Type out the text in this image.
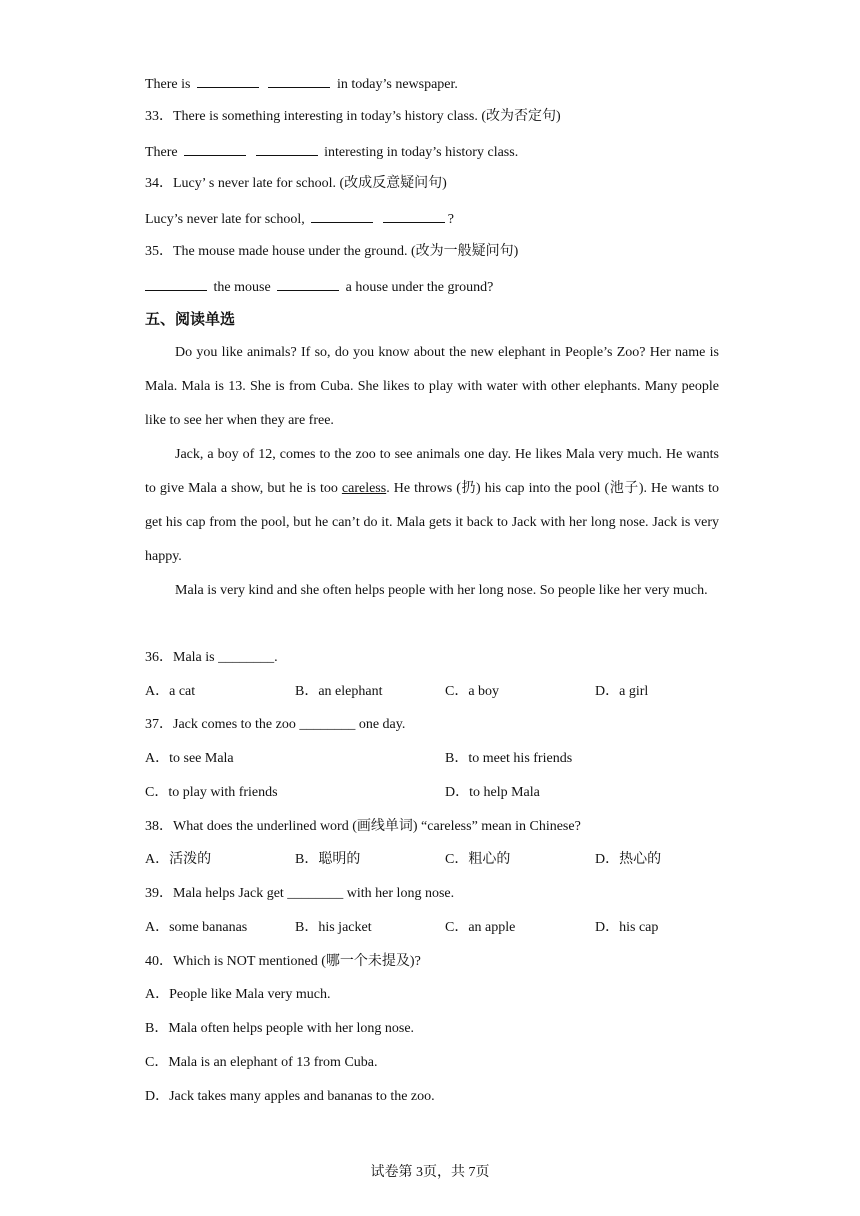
There is	in today’s newspaper.
33．There is something interesting in today’s history class. (改为否定句)
There	interesting in today’s history class.
34．Lucy’ s never late for school. (改成反意疑问句)
Lucy’s never late for school,	?
35．The mouse made house under the ground. (改为一般疑问句)
the mouse	a house under the ground?
五、阅读单选

Do you like animals? If so, do you know about the new elephant in People’s Zoo? Her name is Mala. Mala is 13. She is from Cuba. She likes to play with water with other elephants. Many people like to see her when they are free.

Jack, a boy of 12, comes to the zoo to see animals one day. He likes Mala very much. He wants to give Mala a show, but he is too careless. He throws (扔) his cap into the pool (池子). He wants to get his cap from the pool, but he can’t do it. Mala gets it back to Jack with her long nose. Jack is very happy.

Mala is very kind and she often helps people with her long nose. So people like her very much.

36．Mala is ________.
A．a cat	B．an elephant	C．a boy	D．a girl
37．Jack comes to the zoo ________ one day.
A．to see Mala	B．to meet his friends
C．to play with friends	D．to help Mala
38．What does the underlined word (画线单词) “careless” mean in Chinese?
A．活泼的	B．聪明的	C．粗心的	D．热心的
39．Mala helps Jack get ________ with her long nose.
A．some bananas	B．his jacket	C．an apple	D．his cap
40．Which is NOT mentioned (哪一个未提及)?
A．People like Mala very much.
B．Mala often helps people with her long nose.
C．Mala is an elephant of 13 from Cuba.
D．Jack takes many apples and bananas to the zoo.
试卷第 3页，共 7页
